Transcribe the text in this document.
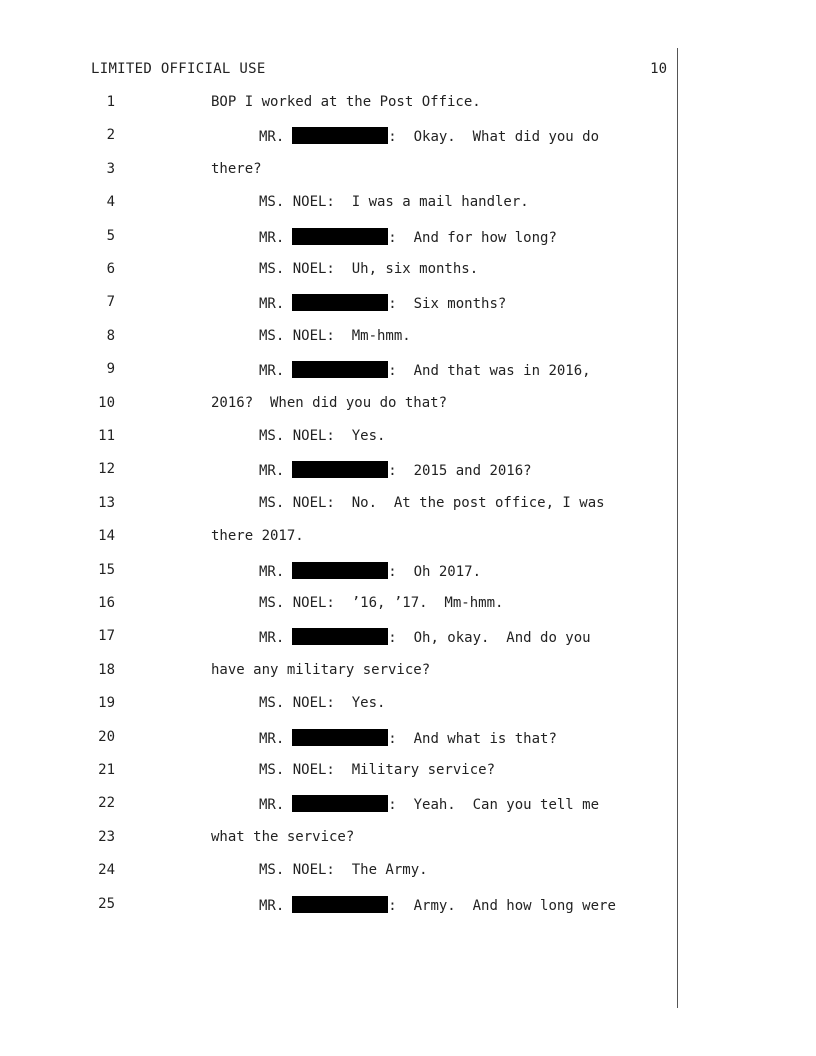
LIMITED OFFICIAL USE	10
1	BOP I worked at the Post Office.
2	MR.	:  Okay.  What did you do
3	there?
4	MS. NOEL:  I was a mail handler.
5	MR.	:  And for how long?
6	MS. NOEL:  Uh, six months.
7	MR.	:  Six months?
8	MS. NOEL:  Mm-hmm.
9	MR.	:  And that was in 2016,
10	2016?  When did you do that?
11	MS. NOEL:  Yes.
12	MR.	:  2015 and 2016?
13	MS. NOEL:  No.  At the post office, I was
14	there 2017.
15	MR.	:  Oh 2017.
16	MS. NOEL:  ’16, ’17.  Mm-hmm.
17	MR.	:  Oh, okay.  And do you
18	have any military service?
19	MS. NOEL:  Yes.
20	MR.	:  And what is that?
21	MS. NOEL:  Military service?
22	MR.	:  Yeah.  Can you tell me
23	what the service?
24	MS. NOEL:  The Army.
25	MR.	:  Army.  And how long were
